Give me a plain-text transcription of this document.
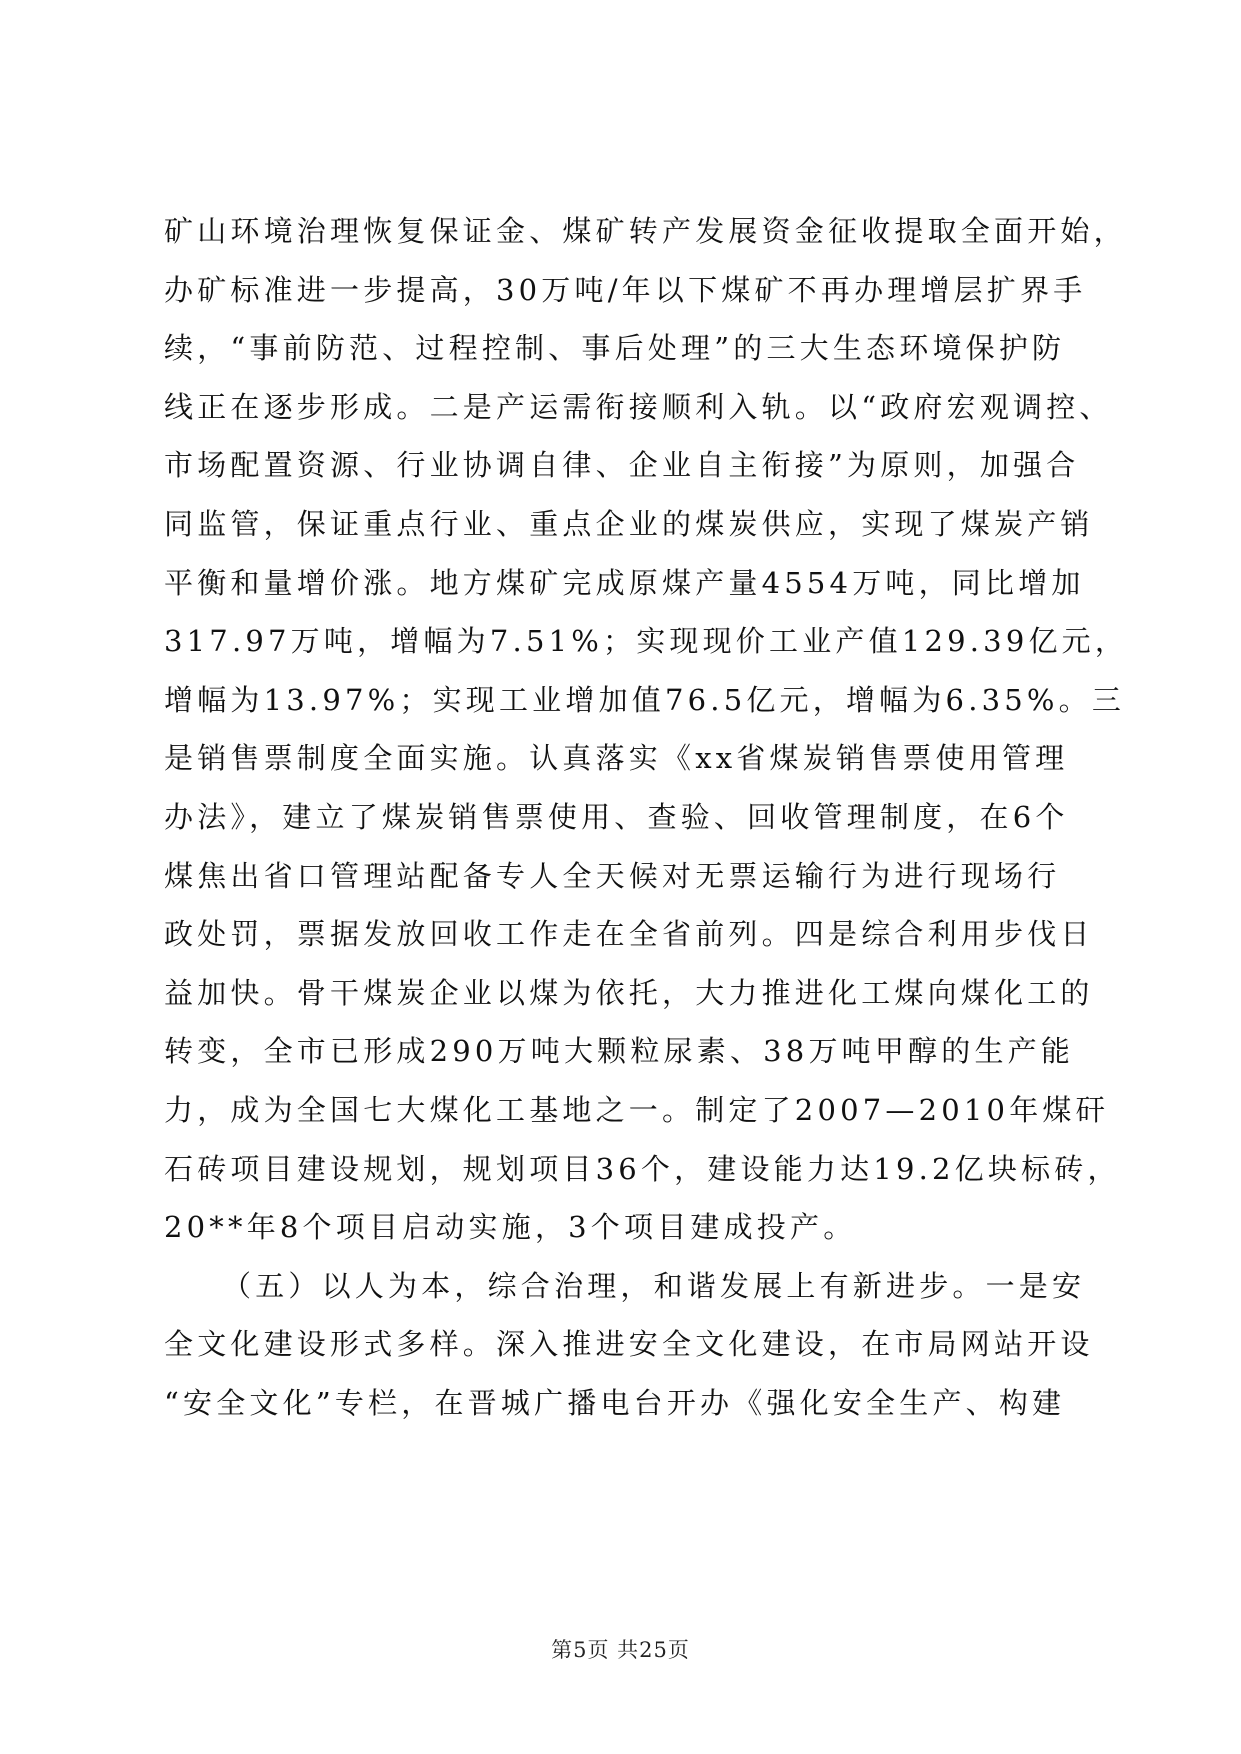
矿山环境治理恢复保证金、煤矿转产发展资金征收提取全面开始，
办矿标准进一步提高，30万吨/年以下煤矿不再办理增层扩界手
续，“事前防范、过程控制、事后处理”的三大生态环境保护防
线正在逐步形成。二是产运需衔接顺利入轨。以“政府宏观调控、
市场配置资源、行业协调自律、企业自主衔接”为原则，加强合
同监管，保证重点行业、重点企业的煤炭供应，实现了煤炭产销
平衡和量增价涨。地方煤矿完成原煤产量4554万吨，同比增加
317.97万吨，增幅为7.51%；实现现价工业产值129.39亿元，
增幅为13.97%；实现工业增加值76.5亿元，增幅为6.35%。三
是销售票制度全面实施。认真落实《xx省煤炭销售票使用管理
办法》，建立了煤炭销售票使用、查验、回收管理制度，在6个
煤焦出省口管理站配备专人全天候对无票运输行为进行现场行
政处罚，票据发放回收工作走在全省前列。四是综合利用步伐日
益加快。骨干煤炭企业以煤为依托，大力推进化工煤向煤化工的
转变，全市已形成290万吨大颗粒尿素、38万吨甲醇的生产能
力，成为全国七大煤化工基地之一。制定了2007—2010年煤矸
石砖项目建设规划，规划项目36个，建设能力达19.2亿块标砖，
20**年8个项目启动实施，3个项目建成投产。
（五）以人为本，综合治理，和谐发展上有新进步。一是安
全文化建设形式多样。深入推进安全文化建设，在市局网站开设
“安全文化”专栏，在晋城广播电台开办《强化安全生产、构建
第5页 共25页
